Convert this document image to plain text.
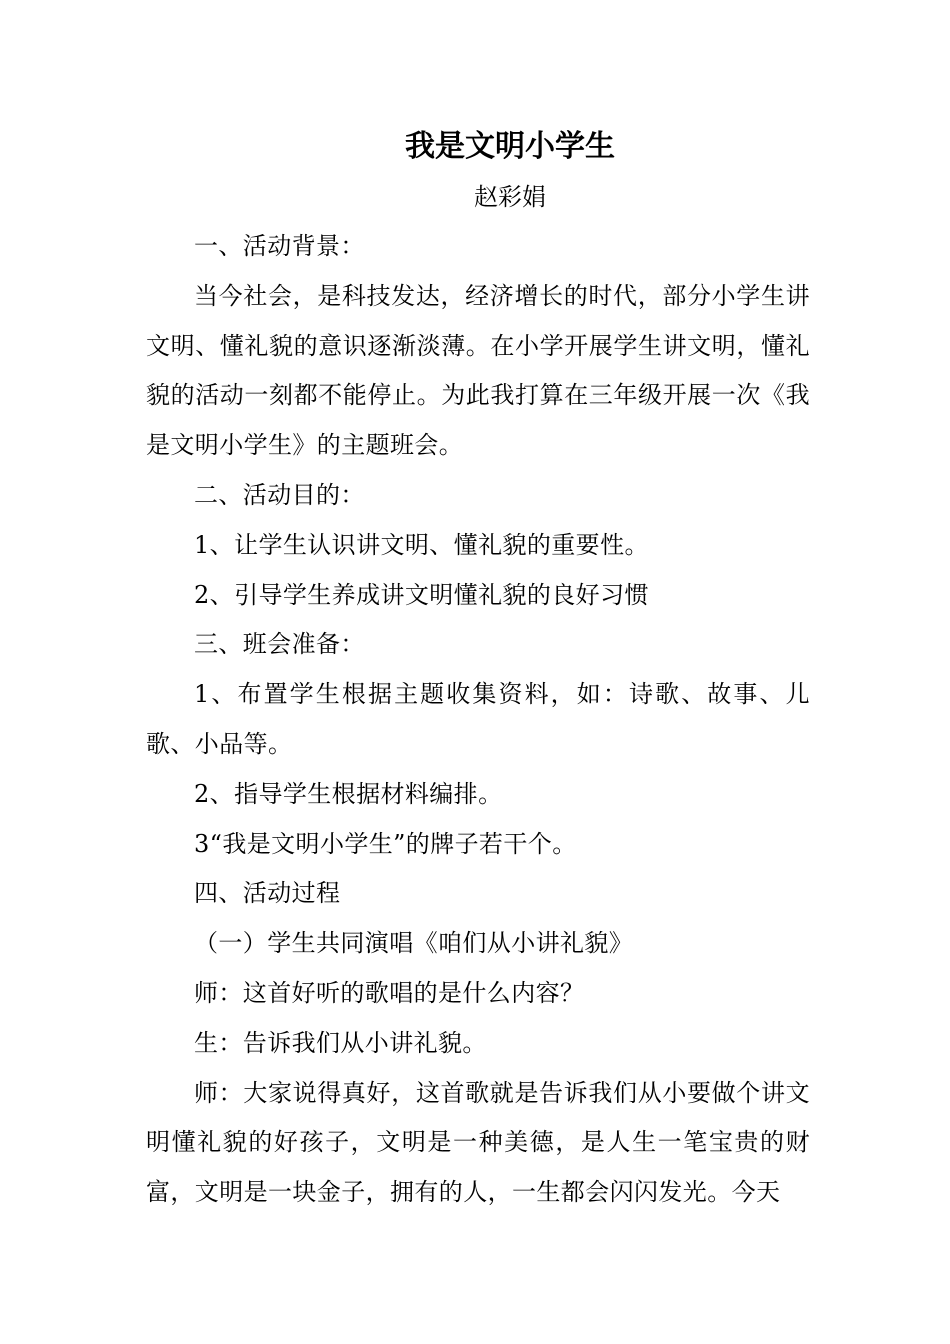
我是文明小学生

赵彩娟

一、活动背景：

当今社会，是科技发达，经济增长的时代，部分小学生讲文明、懂礼貌的意识逐渐淡薄。在小学开展学生讲文明，懂礼貌的活动一刻都不能停止。为此我打算在三年级开展一次《我是文明小学生》的主题班会。

二、活动目的：

1、让学生认识讲文明、懂礼貌的重要性。

2、引导学生养成讲文明懂礼貌的良好习惯

三、班会准备：

1、布置学生根据主题收集资料，如：诗歌、故事、儿歌、小品等。

2、指导学生根据材料编排。

3“我是文明小学生”的牌子若干个。

四、活动过程

（一）学生共同演唱《咱们从小讲礼貌》

师：这首好听的歌唱的是什么内容？

生：告诉我们从小讲礼貌。

师：大家说得真好，这首歌就是告诉我们从小要做个讲文明懂礼貌的好孩子，文明是一种美德，是人生一笔宝贵的财富，文明是一块金子，拥有的人，一生都会闪闪发光。今天
